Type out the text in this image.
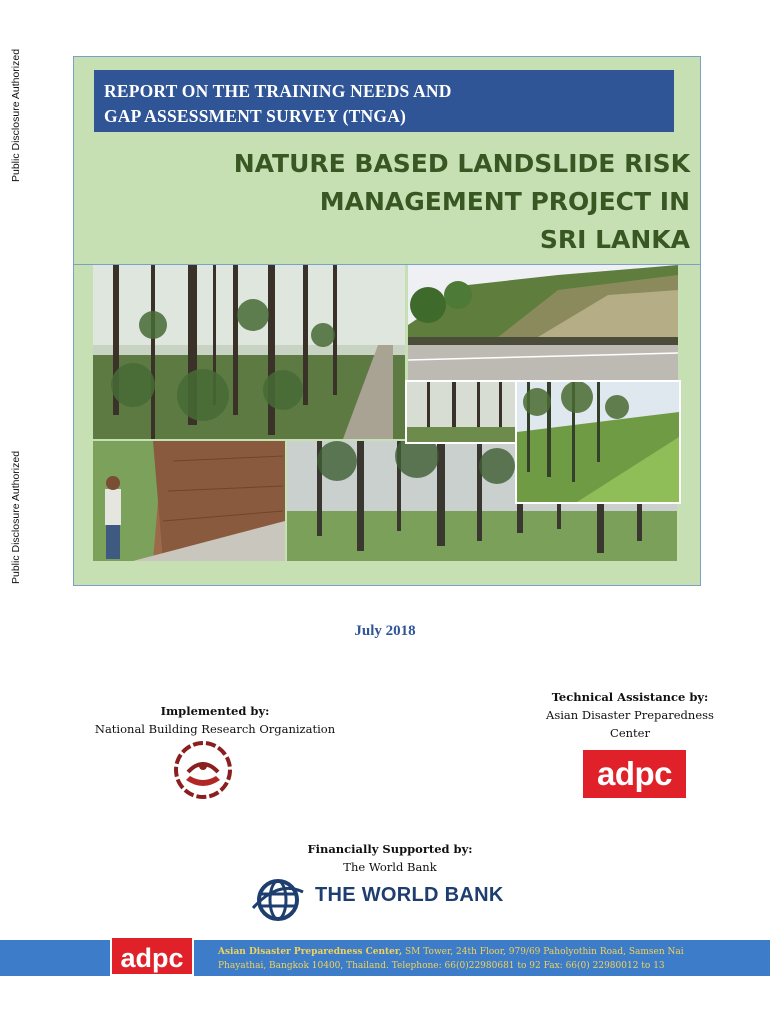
Public Disclosure Authorized
Public Disclosure Authorized
REPORT ON THE TRAINING NEEDS AND
GAP ASSESSMENT SURVEY (TNGA)
NATURE BASED LANDSLIDE RISK
MANAGEMENT PROJECT IN
SRI LANKA
July 2018
Implemented by:
National Building Research Organization
Technical Assistance by:
Asian Disaster Preparedness
Center
adpc
Financially Supported by:
The World Bank
THE WORLD BANK
adpc	Asian Disaster Preparedness Center, SM Tower, 24th Floor, 979/69 Paholyothin Road, Samsen Nai
Phayathai, Bangkok 10400, Thailand. Telephone: 66(0)22980681 to 92 Fax: 66(0) 22980012 to 13
